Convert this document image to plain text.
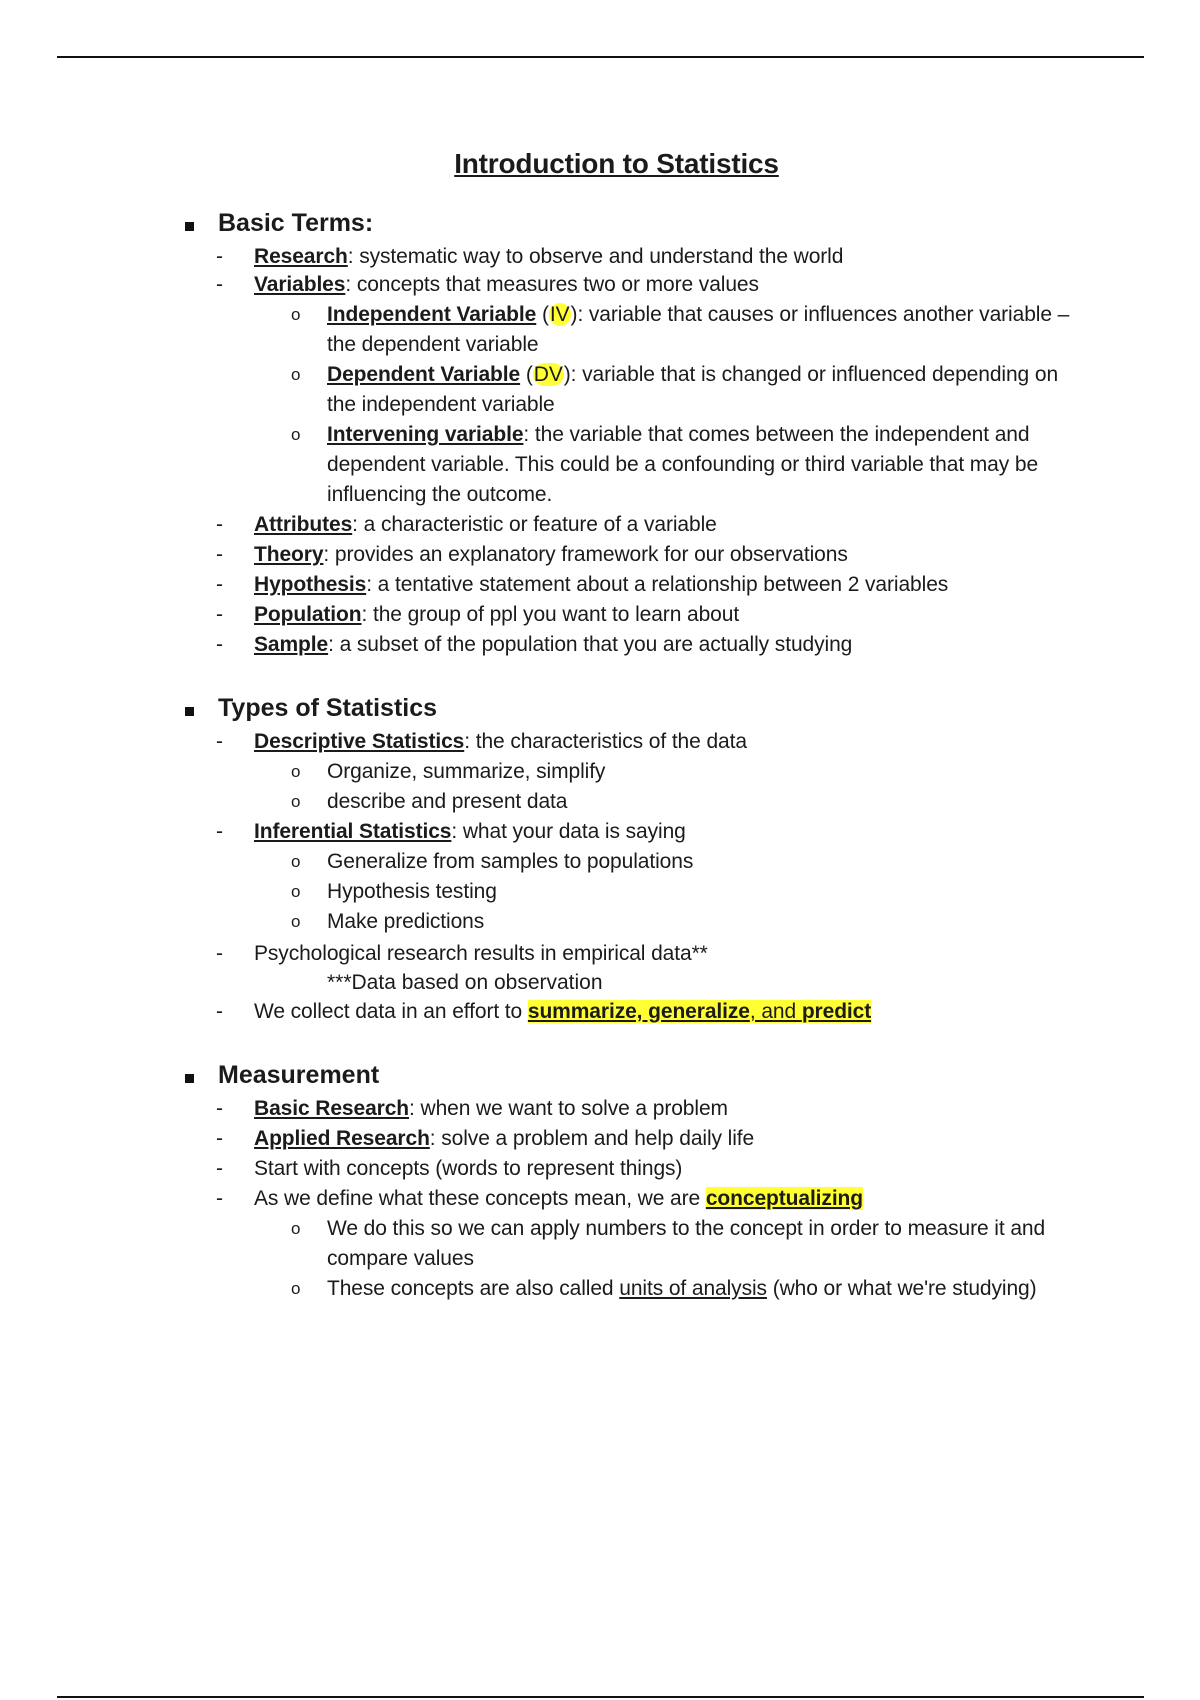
Introduction to Statistics
Basic Terms:
- Research: systematic way to observe and understand the world
- Variables: concepts that measures two or more values
o Independent Variable (IV): variable that causes or influences another variable – the dependent variable
o Dependent Variable (DV): variable that is changed or influenced depending on the independent variable
o Intervening variable: the variable that comes between the independent and dependent variable. This could be a confounding or third variable that may be influencing the outcome.
- Attributes: a characteristic or feature of a variable
- Theory: provides an explanatory framework for our observations
- Hypothesis: a tentative statement about a relationship between 2 variables
- Population: the group of ppl you want to learn about
- Sample: a subset of the population that you are actually studying
Types of Statistics
- Descriptive Statistics: the characteristics of the data
o Organize, summarize, simplify
o describe and present data
- Inferential Statistics: what your data is saying
o Generalize from samples to populations
o Hypothesis testing
o Make predictions
- Psychological research results in empirical data**
***Data based on observation
- We collect data in an effort to summarize, generalize, and predict
Measurement
- Basic Research: when we want to solve a problem
- Applied Research: solve a problem and help daily life
- Start with concepts (words to represent things)
- As we define what these concepts mean, we are conceptualizing
o We do this so we can apply numbers to the concept in order to measure it and compare values
o These concepts are also called units of analysis (who or what we're studying)
